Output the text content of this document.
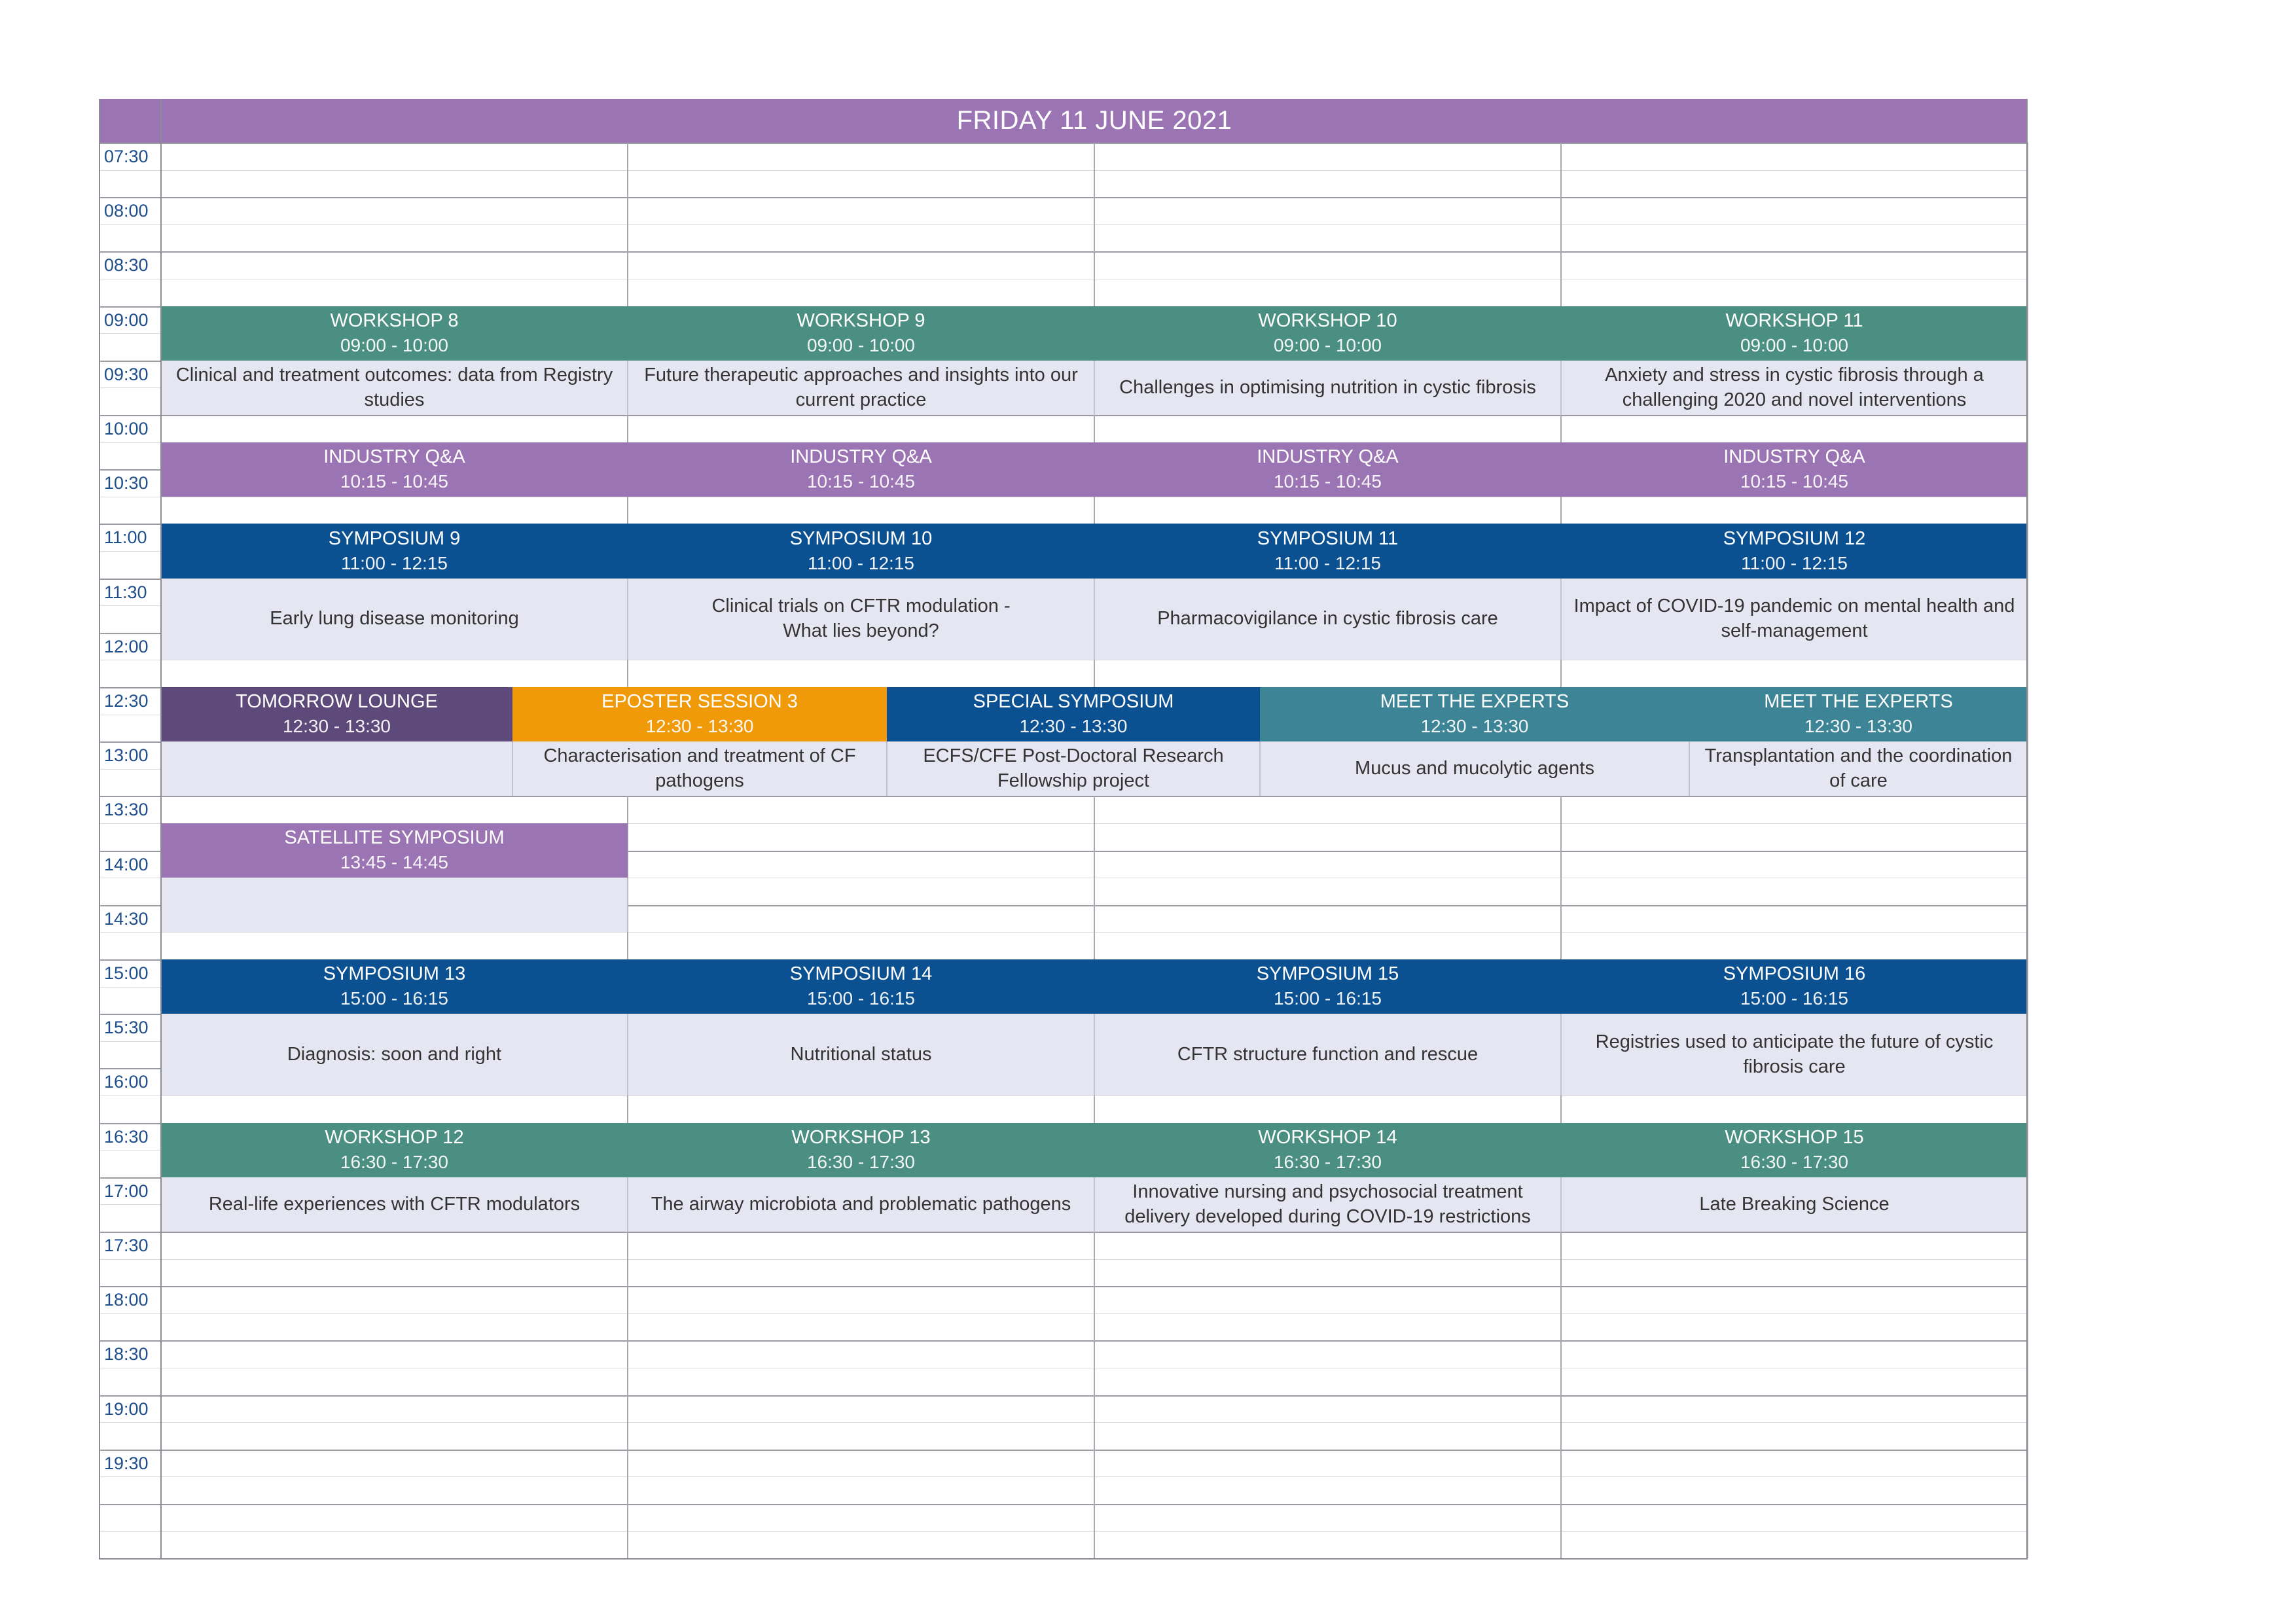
FRIDAY 11 JUNE 2021
07:30
08:00
08:30
09:00
09:30
10:00
10:30
11:00
11:30
12:00
12:30
13:00
13:30
14:00
14:30
15:00
15:30
16:00
16:30
17:00
17:30
18:00
18:30
19:00
19:30
WORKSHOP 8
09:00 - 10:00
Clinical and treatment outcomes: data from Registry studies
WORKSHOP 9
09:00 - 10:00
Future therapeutic approaches and insights into our current practice
WORKSHOP 10
09:00 - 10:00
Challenges in optimising nutrition in cystic fibrosis
WORKSHOP 11
09:00 - 10:00
Anxiety and stress in cystic fibrosis through a challenging 2020 and novel interventions
INDUSTRY Q&A
10:15 - 10:45
INDUSTRY Q&A
10:15 - 10:45
INDUSTRY Q&A
10:15 - 10:45
INDUSTRY Q&A
10:15 - 10:45
SYMPOSIUM 9
11:00 - 12:15
Early lung disease monitoring
SYMPOSIUM 10
11:00 - 12:15
Clinical trials on CFTR modulation -
What lies beyond?
SYMPOSIUM 11
11:00 - 12:15
Pharmacovigilance in cystic fibrosis care
SYMPOSIUM 12
11:00 - 12:15
Impact of COVID-19 pandemic on mental health and self-management
TOMORROW LOUNGE
12:30 - 13:30
EPOSTER SESSION 3
12:30 - 13:30
Characterisation and treatment of CF pathogens
SPECIAL SYMPOSIUM
12:30 - 13:30
ECFS/CFE Post-Doctoral Research Fellowship project
MEET THE EXPERTS
12:30 - 13:30
Mucus and mucolytic agents
MEET THE EXPERTS
12:30 - 13:30
Transplantation and the coordination of care
SATELLITE SYMPOSIUM
13:45 - 14:45
SYMPOSIUM 13
15:00 - 16:15
Diagnosis: soon and right
SYMPOSIUM 14
15:00 - 16:15
Nutritional status
SYMPOSIUM 15
15:00 - 16:15
CFTR structure function and rescue
SYMPOSIUM 16
15:00 - 16:15
Registries used to anticipate the future of cystic fibrosis care
WORKSHOP 12
16:30 - 17:30
Real-life experiences with CFTR modulators
WORKSHOP 13
16:30 - 17:30
The airway microbiota and problematic pathogens
WORKSHOP 14
16:30 - 17:30
Innovative nursing and psychosocial treatment delivery developed during COVID-19 restrictions
WORKSHOP 15
16:30 - 17:30
Late Breaking Science
